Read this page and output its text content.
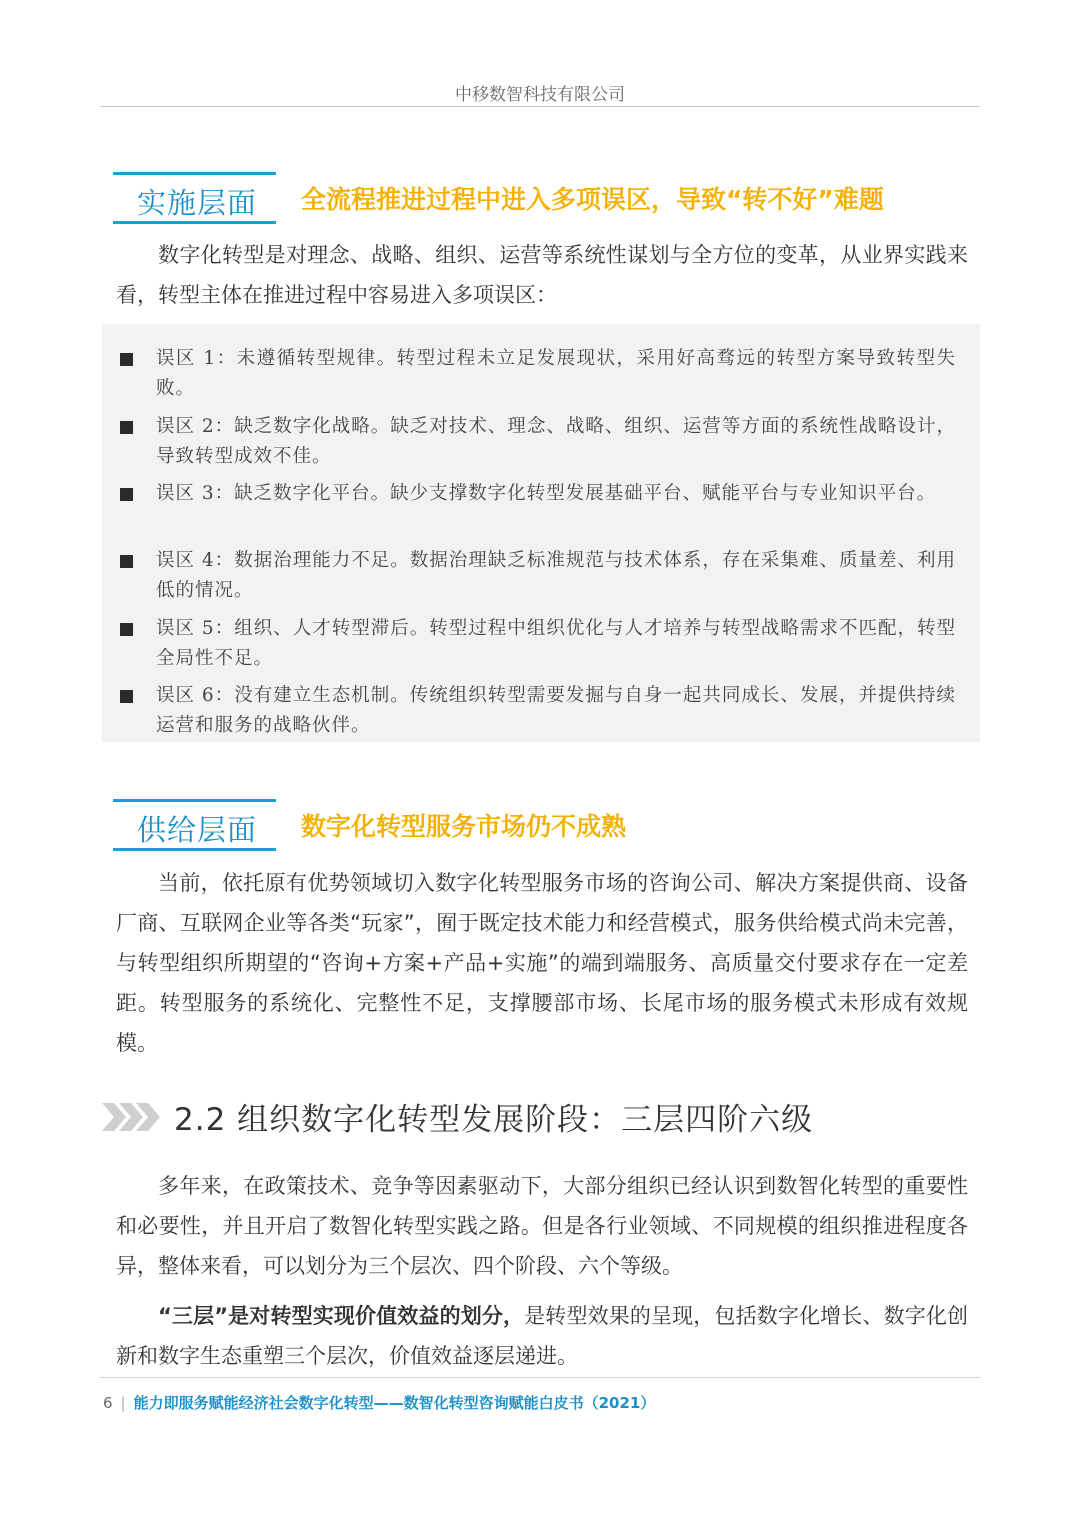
中移数智科技有限公司
实施层面 全流程推进过程中进入多项误区，导致“转不好”难题

数字化转型是对理念、战略、组织、运营等系统性谋划与全方位的变革，从业界实践来看，转型主体在推进过程中容易进入多项误区：

误区 1：未遵循转型规律。转型过程未立足发展现状，采用好高骛远的转型方案导致转型失败。

误区 2：缺乏数字化战略。缺乏对技术、理念、战略、组织、运营等方面的系统性战略设计，导致转型成效不佳。

误区 3：缺乏数字化平台。缺少支撑数字化转型发展基础平台、赋能平台与专业知识平台。

误区 4：数据治理能力不足。数据治理缺乏标准规范与技术体系，存在采集难、质量差、利用低的情况。

误区 5：组织、人才转型滞后。转型过程中组织优化与人才培养与转型战略需求不匹配，转型全局性不足。

误区 6：没有建立生态机制。传统组织转型需要发掘与自身一起共同成长、发展，并提供持续运营和服务的战略伙伴。

供给层面 数字化转型服务市场仍不成熟

当前，依托原有优势领域切入数字化转型服务市场的咨询公司、解决方案提供商、设备厂商、互联网企业等各类“玩家”，囿于既定技术能力和经营模式，服务供给模式尚未完善，与转型组织所期望的“咨询+方案+产品+实施”的端到端服务、高质量交付要求存在一定差距。转型服务的系统化、完整性不足，支撑腰部市场、长尾市场的服务模式未形成有效规模。

2.2 组织数字化转型发展阶段：三层四阶六级

多年来，在政策技术、竞争等因素驱动下，大部分组织已经认识到数智化转型的重要性和必要性，并且开启了数智化转型实践之路。但是各行业领域、不同规模的组织推进程度各异，整体来看，可以划分为三个层次、四个阶段、六个等级。

“三层”是对转型实现价值效益的划分，是转型效果的呈现，包括数字化增长、数字化创新和数字生态重塑三个层次，价值效益逐层递进。

6 | 能力即服务赋能经济社会数字化转型——数智化转型咨询赋能白皮书（2021）
